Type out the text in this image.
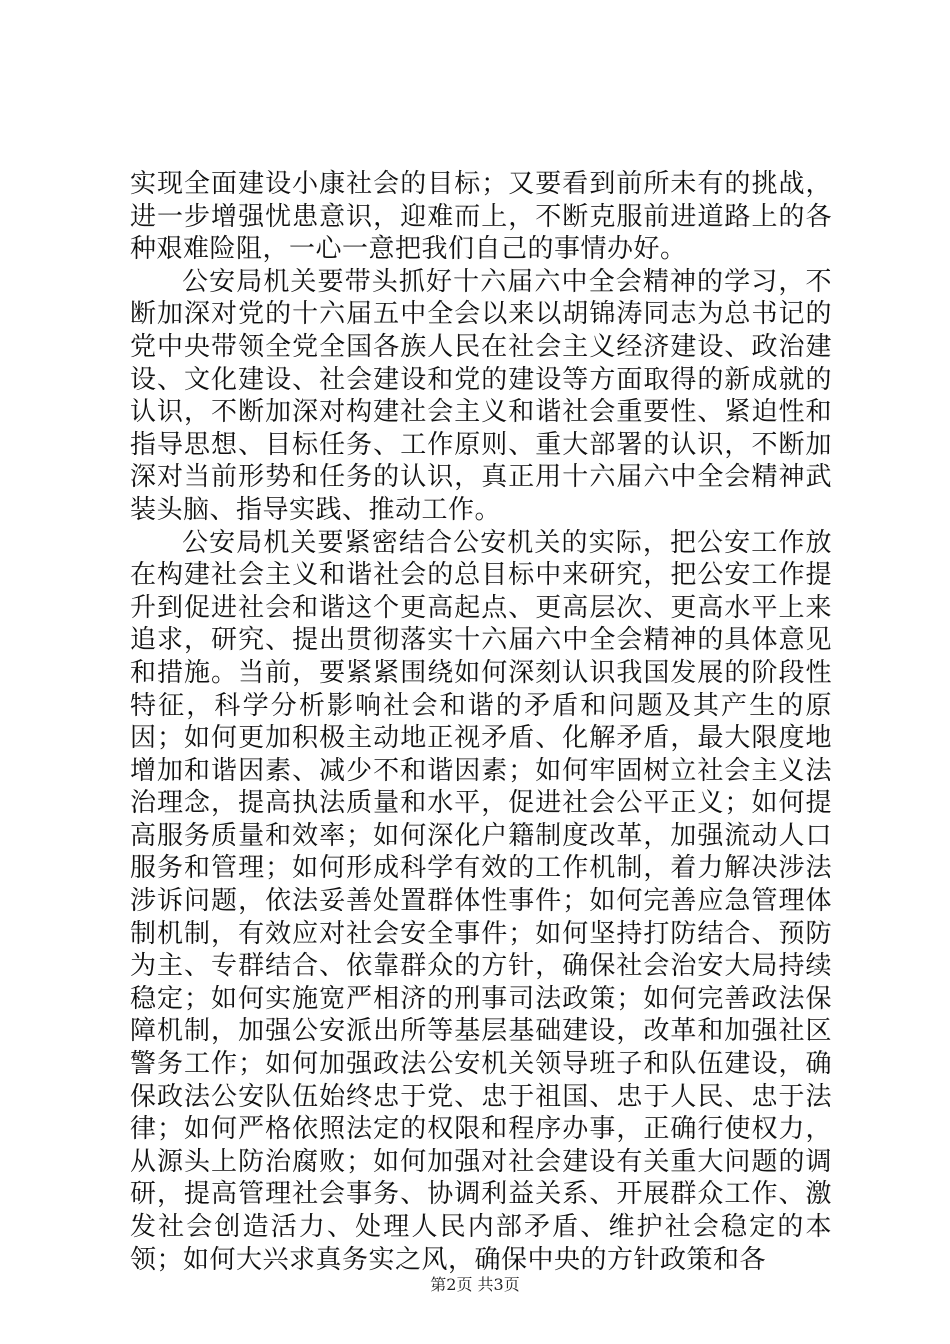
实现全面建设小康社会的目标；又要看到前所未有的挑战，进一步增强忧患意识，迎难而上，不断克服前进道路上的各种艰难险阻，一心一意把我们自己的事情办好。

公安局机关要带头抓好十六届六中全会精神的学习，不断加深对党的十六届五中全会以来以胡锦涛同志为总书记的党中央带领全党全国各族人民在社会主义经济建设、政治建设、文化建设、社会建设和党的建设等方面取得的新成就的认识，不断加深对构建社会主义和谐社会重要性、紧迫性和指导思想、目标任务、工作原则、重大部署的认识，不断加深对当前形势和任务的认识，真正用十六届六中全会精神武装头脑、指导实践、推动工作。

公安局机关要紧密结合公安机关的实际，把公安工作放在构建社会主义和谐社会的总目标中来研究，把公安工作提升到促进社会和谐这个更高起点、更高层次、更高水平上来追求，研究、提出贯彻落实十六届六中全会精神的具体意见和措施。当前，要紧紧围绕如何深刻认识我国发展的阶段性特征，科学分析影响社会和谐的矛盾和问题及其产生的原因；如何更加积极主动地正视矛盾、化解矛盾，最大限度地增加和谐因素、减少不和谐因素；如何牢固树立社会主义法治理念，提高执法质量和水平，促进社会公平正义；如何提高服务质量和效率；如何深化户籍制度改革，加强流动人口服务和管理；如何形成科学有效的工作机制，着力解决涉法涉诉问题，依法妥善处置群体性事件；如何完善应急管理体制机制，有效应对社会安全事件；如何坚持打防结合、预防为主、专群结合、依靠群众的方针，确保社会治安大局持续稳定；如何实施宽严相济的刑事司法政策；如何完善政法保障机制，加强公安派出所等基层基础建设，改革和加强社区警务工作；如何加强政法公安机关领导班子和队伍建设，确保政法公安队伍始终忠于党、忠于祖国、忠于人民、忠于法律；如何严格依照法定的权限和程序办事，正确行使权力，从源头上防治腐败；如何加强对社会建设有关重大问题的调研，提高管理社会事务、协调利益关系、开展群众工作、激发社会创造活力、处理人民内部矛盾、维护社会稳定的本领；如何大兴求真务实之风，确保中央的方针政策和各

第2页 共3页
